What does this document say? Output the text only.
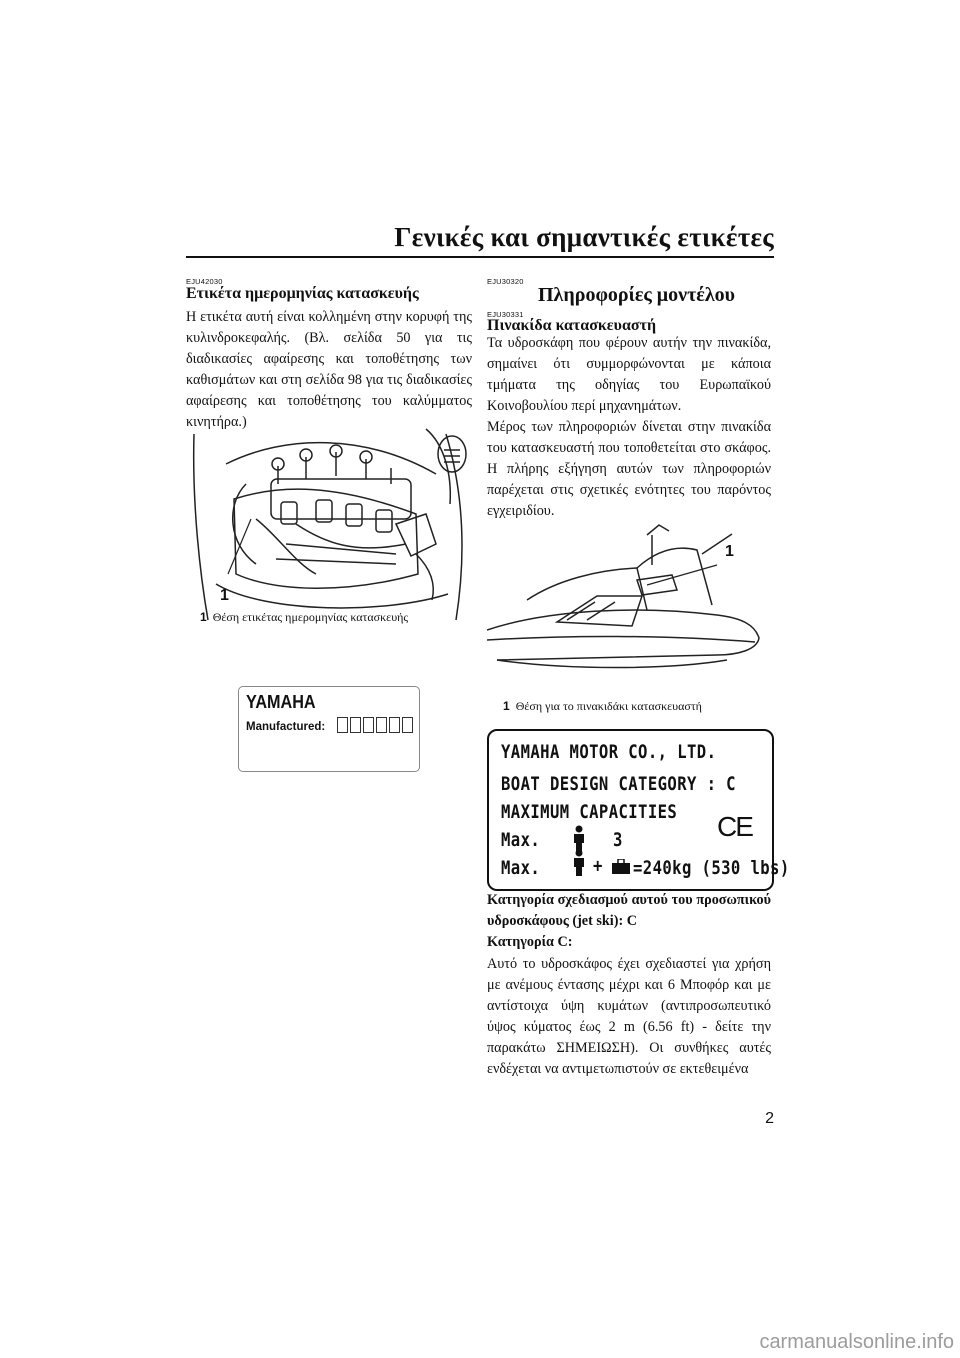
Γενικές και σημαντικές ετικέτες
EJU42030
Ετικέτα ημερομηνίας κατασκευής
Η ετικέτα αυτή είναι κολλημένη στην κορυφή της κυλινδροκεφαλής. (Βλ. σελίδα 50 για τις διαδικασίες αφαίρεσης και τοποθέτησης των καθισμάτων και στη σελίδα 98 για τις διαδικασίες αφαίρεσης και τοποθέτησης του καλύμματος κινητήρα.)
1
1 Θέση ετικέτας ημερομηνίας κατασκευής
YAMAHA
Manufactured:
EJU30320
Πληροφορίες μοντέλου
EJU30331
Πινακίδα κατασκευαστή
Τα υδροσκάφη που φέρουν αυτήν την πινακίδα, σημαίνει ότι συμμορφώνονται με κάποια τμήματα της οδηγίας του Ευρωπαϊκού Κοινοβουλίου περί μηχανημάτων.
Μέρος των πληροφοριών δίνεται στην πινακίδα του κατασκευαστή που τοποθετείται στο σκάφος. Η πλήρης εξήγηση αυτών των πληροφοριών παρέχεται στις σχετικές ενότητες του παρόντος εγχειριδίου.
1
1 Θέση για το πινακιδάκι κατασκευαστή
YAMAHA MOTOR CO., LTD.
BOAT DESIGN CATEGORY : C
MAXIMUM CAPACITIES
Max.	3	CE
Max.	+ =240kg (530 lbs)
Κατηγορία σχεδιασμού αυτού του προσωπικού υδροσκάφους (jet ski): C
Κατηγορία C:
Αυτό το υδροσκάφος έχει σχεδιαστεί για χρήση με ανέμους έντασης μέχρι και 6 Μποφόρ και με αντίστοιχα ύψη κυμάτων (αντιπροσωπευτικό ύψος κύματος έως 2 m (6.56 ft) - δείτε την παρακάτω ΣΗΜΕΙΩΣΗ). Οι συνθήκες αυτές ενδέχεται να αντιμετωπιστούν σε εκτεθειμένα
2
carmanualsonline.info
